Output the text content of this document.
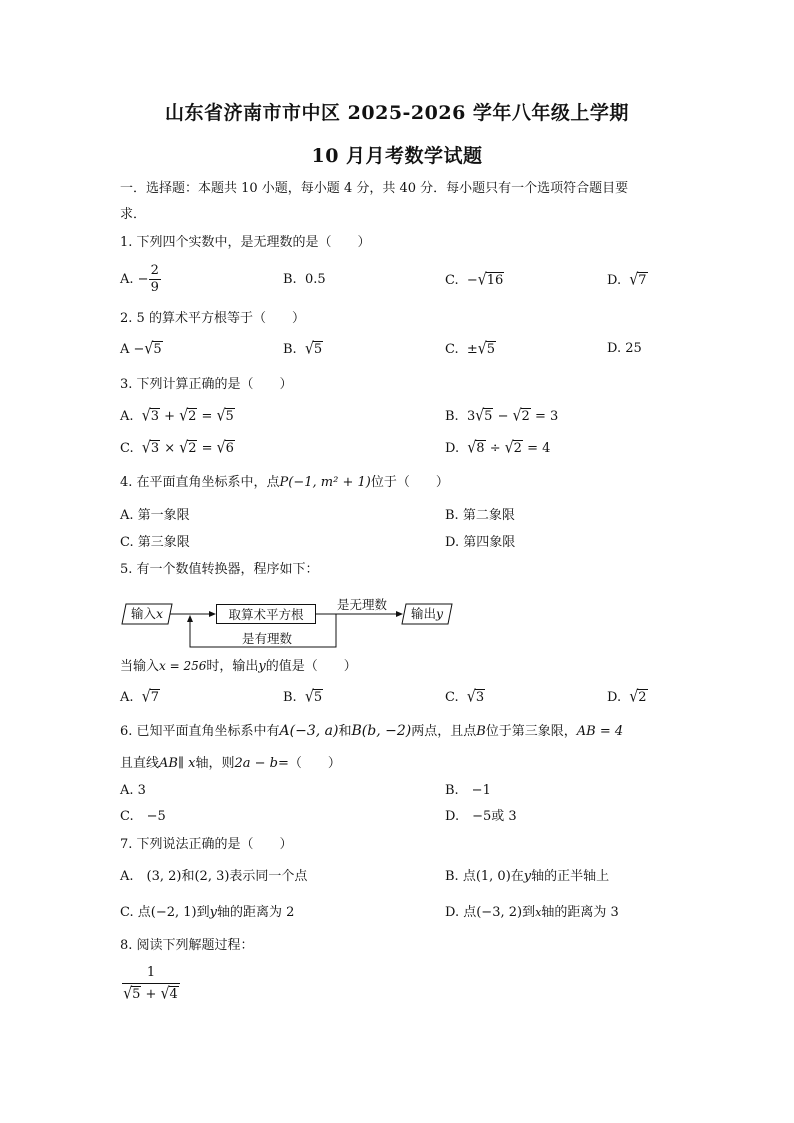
山东省济南市市中区 2025-2026 学年八年级上学期
10 月月考数学试题
一．选择题：本题共 10 小题，每小题 4 分，共 40 分．每小题只有一个选项符合题目要
求．
1. 下列四个实数中，是无理数的是（　　）
A. − $\frac{2}{9}$	B. 0.5	C.  −√16	D. √7
2. 5 的算术平方根等于（　　）
A −√5	B. √5	C.  ±√5	D. 25
3. 下列计算正确的是（　　）
A. √3 + √2 = √5	B. 3√5 − √2 = 3
C. √3 × √2 = √6	D. √8 ÷ √2 = 4
4. 在平面直角坐标系中，点P(−1, m² + 1)位于（　　）
A. 第一象限	B. 第二象限
C. 第三象限	D. 第四象限
5. 有一个数值转换器，程序如下：
输入x	取算术平方根
是无理数
输出y
是有理数
当输入x = 256时，输出y的值是（　　）
A. √7	B. √5	C. √3	D. √2
6. 已知平面直角坐标系中有A(−3, a)和B(b, −2)两点，且点B位于第三象限，AB = 4
且直线AB∥ x轴，则2a − b=（　　）
A. 3	B.　−1
C.　−5	D.　−5或 3
7. 下列说法正确的是（　　）
A.　(3, 2)和(2, 3)表示同一个点	B. 点(1, 0)在y轴的正半轴上
C. 点(−2, 1)到y轴的距离为 2	D. 点(−3, 2)到x轴的距离为 3
8. 阅读下列解题过程：
$\frac{1}{√5 + √4}$
